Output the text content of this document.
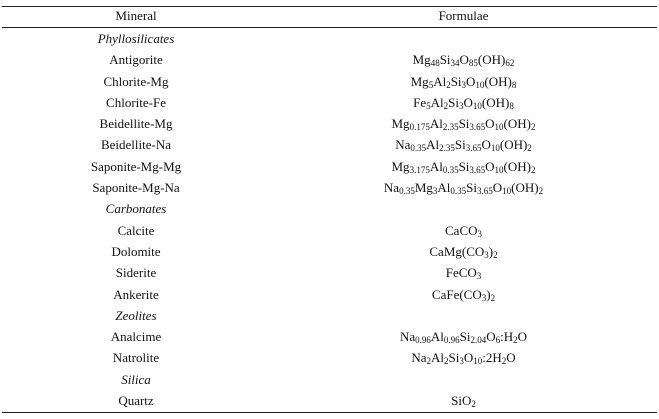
Mineral	Formulae
Phyllosilicates
Antigorite	$Mg_{48}Si_{34}O_{85}(OH)_{62}$
Chlorite-Mg	$Mg_5Al_2Si_3O_{10}(OH)_8$
Chlorite-Fe	$Fe_5Al_2Si_3O_{10}(OH)_8$
Beidellite-Mg	$Mg_{0.175}Al_{2.35}Si_{3.65}O_{10}(OH)_2$
Beidellite-Na	$Na_{0.35}Al_{2.35}Si_{3.65}O_{10}(OH)_2$
Saponite-Mg-Mg	$Mg_{3.175}Al_{0.35}Si_{3.65}O_{10}(OH)_2$
Saponite-Mg-Na	$Na_{0.35}Mg_3Al_{0.35}Si_{3.65}O_{10}(OH)_2$
Carbonates
Calcite	CaCO$_3$
Dolomite	$CaMg(CO_3)_2$
Siderite	FeCO$_3$
Ankerite	$CaFe(CO_3)_2$
Zeolites
Analcime	$Na_{0.96}Al_{0.96}Si_{2.04}O_6:H_2O$
Natrolite	$Na_2Al_2Si_3O_{10}:2H_2O$
Silica
Quartz	SiO$_2$
